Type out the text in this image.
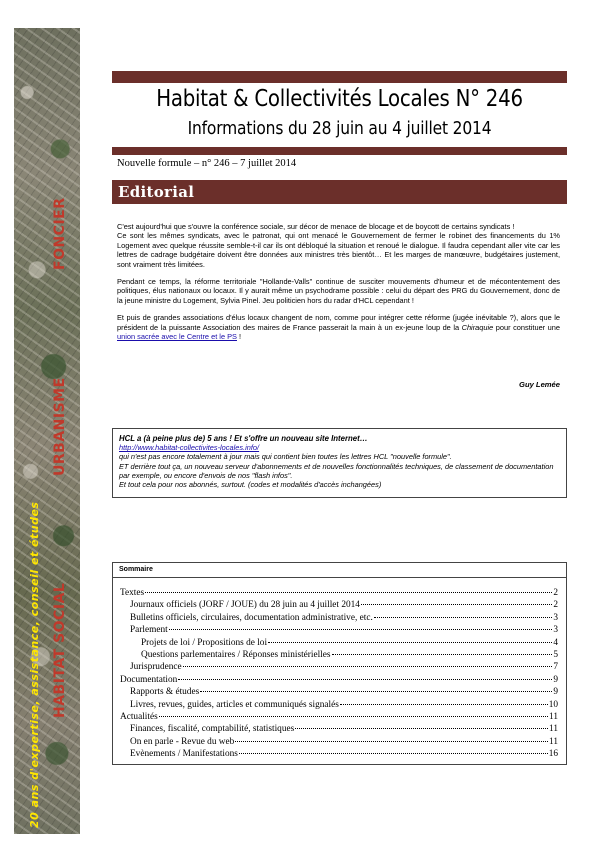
FONCIER
URBANISME
HABITAT SOCIAL
20 ans d'expertise, assistance, conseil et études
Habitat & Collectivités Locales N° 246
Informations du 28 juin au 4 juillet 2014
Nouvelle formule – n° 246 – 7 juillet 2014
Editorial

C'est aujourd'hui que s'ouvre la conférence sociale, sur décor de menace de blocage et de boycott de certains syndicats !

Ce sont les mêmes syndicats, avec le patronat, qui ont menacé le Gouvernement de fermer le robinet des financements du 1% Logement avec quelque réussite semble-t-il car ils ont débloqué la situation et renoué le dialogue. Il faudra cependant aller vite car les lettres de cadrage budgétaire doivent être données aux ministres très bientôt… Et les marges de manœuvre, budgétaires justement, sont vraiment très limitées.

Pendant ce temps, la réforme territoriale "Hollande-Valls" continue de susciter mouvements d'humeur et de mécontentement des politiques, élus nationaux ou locaux. Il y aurait même un psychodrame possible : celui du départ des PRG du Gouvernement, donc de la jeune ministre du Logement, Sylvia Pinel. Jeu politicien hors du radar d'HCL cependant !

Et puis de grandes associations d'élus locaux changent de nom, comme pour intégrer cette réforme (jugée inévitable ?), alors que le président de la puissante Association des maires de France passerait la main à un ex-jeune loup de la Chiraquie pour constituer une union sacrée avec le Centre et le PS !

Guy Lemée
HCL a (à peine plus de) 5 ans ! Et s'offre un nouveau site Internet…
http://www.habitat-collectivites-locales.info/
qui n'est pas encore totalement à jour mais qui contient bien toutes les lettres HCL "nouvelle formule".
ET derrière tout ça, un nouveau serveur d'abonnements et de nouvelles fonctionnalités techniques, de classement de documentation par exemple, ou encore d'envois de nos "flash infos".
Et tout cela pour nos abonnés, surtout. (codes et modalités d'accès inchangées)
Sommaire
Textes	2
Journaux officiels (JORF / JOUE) du 28 juin au 4 juillet 2014	2
Bulletins officiels, circulaires, documentation administrative, etc.	3
Parlement	3
Projets de loi / Propositions de loi	4
Questions parlementaires / Réponses ministérielles	5
Jurisprudence	7
Documentation	9
Rapports & études	9
Livres, revues, guides, articles et communiqués signalés	10
Actualités	11
Finances, fiscalité, comptabilité, statistiques	11
On en parle - Revue du web	11
Evènements / Manifestations	16
